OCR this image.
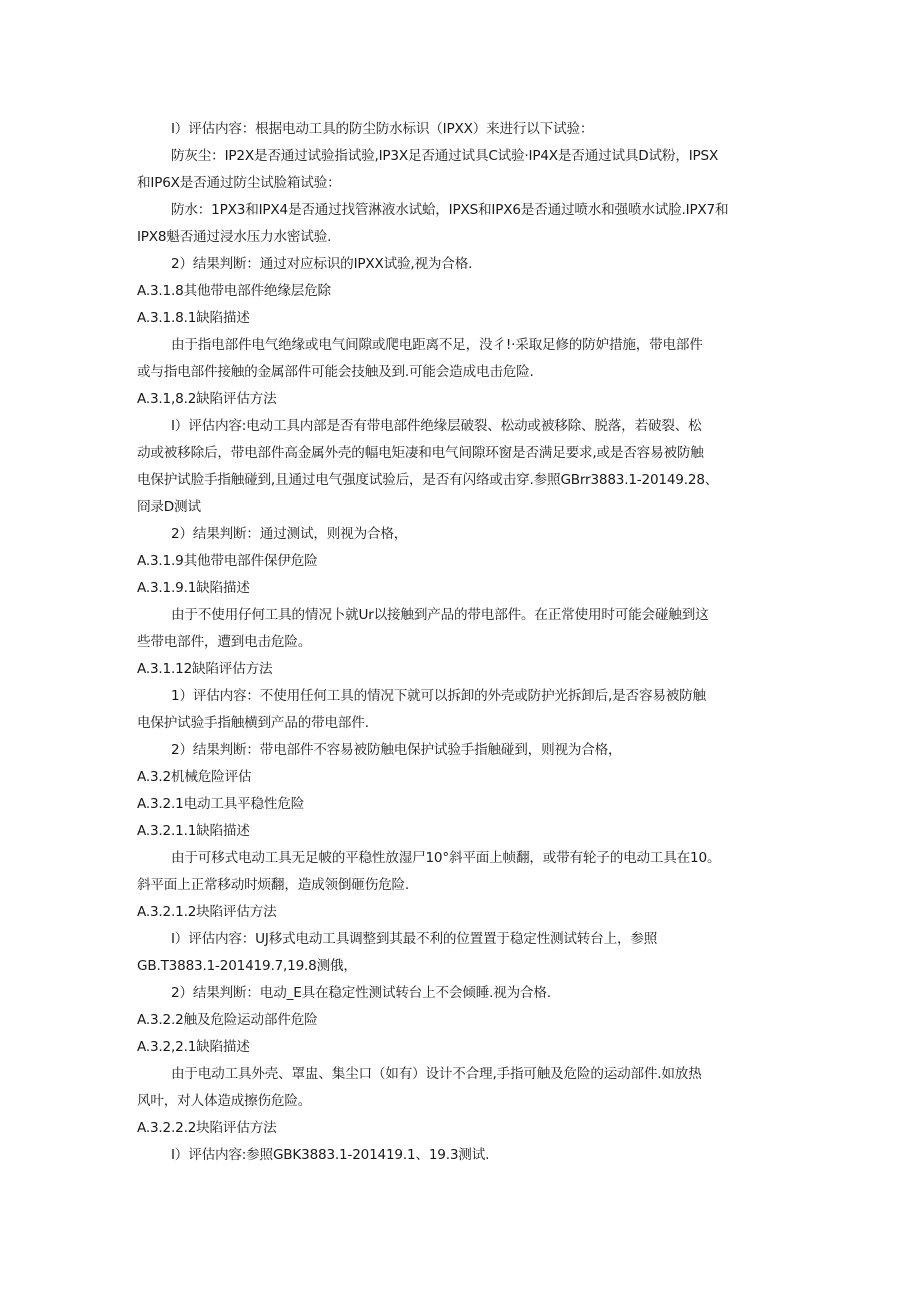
I）评估内容：根据电动工具的防尘防水标识（IPXX）来进行以下试验：
防灰尘：IP2X是否通过试验指试验,IP3X足否通过试具C试验·IP4X是否通过试具D试粉，IPSX
和IP6X是否通过防尘试脸箱试验：
防水：1PX3和IPX4是否通过找管淋液水试蛤，IPXS和IPX6是否通过喷水和强喷水试脸.IPX7和
IPX8魁否通过浸水压力水密试验.
2）结果判断：通过对应标识的IPXX试验,视为合格.
A.3.1.8其他带电部件绝缘层危除
A.3.1.8.1缺陷描述
由于指电部件电气绝缘或电气间隙或爬电距离不足，没彳!·采取足修的防妒措施，带电部件
或与指电部件接触的金属部件可能会技触及到.可能会造成电击危险.
A.3.1,8.2缺陷评估方法
I）评估内容:电动工具内部是否有带电部件绝缘层破裂、松动或被移除、脱落，若破裂、松
动或被移除后，带电部件高金属外壳的幅电矩凄和电气间隙环窗是否满足要求,或是否容易被防触
电保护试脸手指触碰到,且通过电气强度试验后，是否有闪络或击穿.参照GBrr3883.1-20149.28、
冏录D测试
2）结果判断：通过测试，则视为合格，
A.3.1.9其他带电部件保伊危险
A.3.1.9.1缺陷描述
由于不使用仔何工具的情况卜就Ur以接触到产品的带电部件。在正常使用时可能会碰触到这
些带电部件，遭到电击危险。
A.3.1.12缺陷评估方法
1）评估内容：不使用任何工具的情况下就可以拆卸的外壳或防护光拆卸后,是否容易被防触
电保护试验手指触横到产品的带电部件.
2）结果判断：带电部件不容易被防触电保护试验手指触碰到，则视为合格，
A.3.2机械危险评估
A.3.2.1电动工具平稳性危险
A.3.2.1.1缺陷描述
由于可移式电动工具无足帔的平稳性放湿尸10°斜平面上帧翻，或带有轮子的电动工具在10。
斜平面上正常移动时烦翻，造成领倒砸伤危险.
A.3.2.1.2块陷评估方法
I）评估内容：UJ移式电动工具调整到其最不利的位置置于稳定性测试转台上，参照
GB.T3883.1-201419.7,19.8测俄，
2）结果判断：电动_E具在稳定性测试转台上不会倾睡.视为合格.
A.3.2.2触及危险运动部件危险
A.3.2,2.1缺陷描述
由于电动工具外壳、罩盅、集尘口（如有）设计不合理,手指可触及危险的运动部件.如放热
风叶，对人体造成擦伤危险。
A.3.2.2.2块陷评估方法
I）评估内容:参照GBK3883.1-201419.1、19.3测试.
